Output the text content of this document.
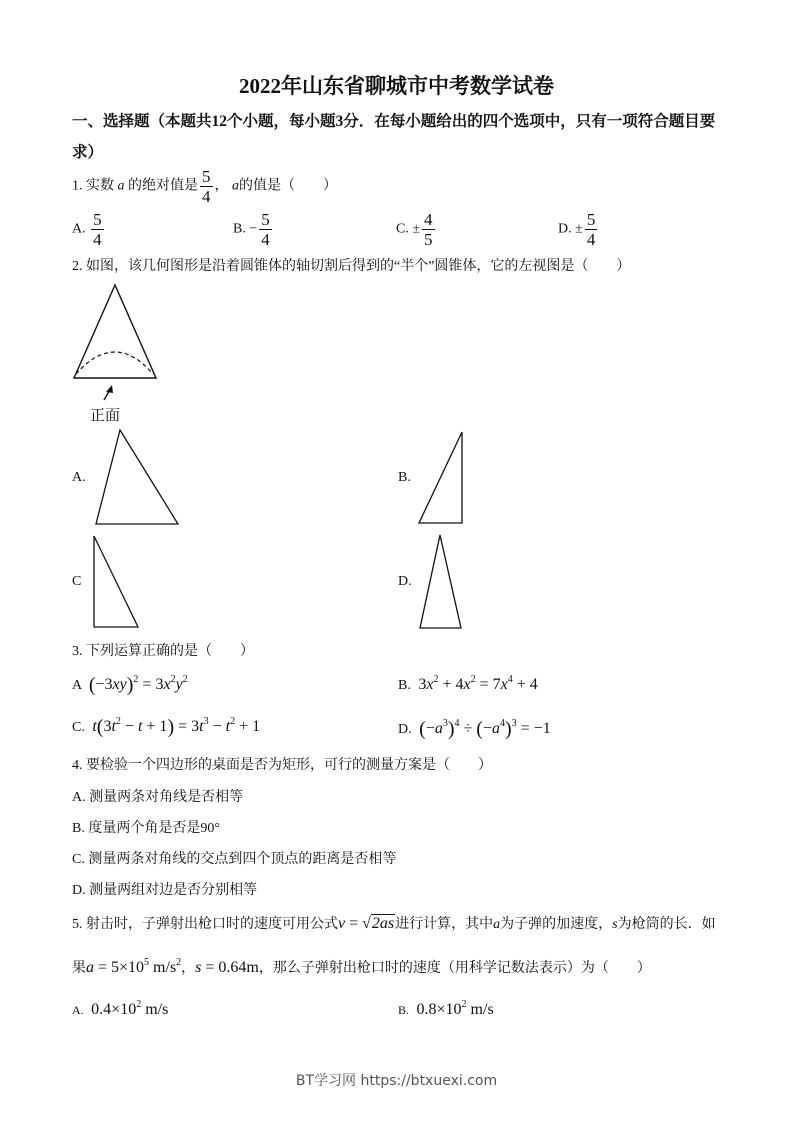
2022年山东省聊城市中考数学试卷
一、选择题（本题共12个小题，每小题3分．在每小题给出的四个选项中，只有一项符合题目要求）
1. 实数 a 的绝对值是 $\frac{5}{4}$ ， a的值是（　　）
A. $\frac{5}{4}$	B. − $\frac{5}{4}$	C. ± $\frac{4}{5}$	D. ± $\frac{5}{4}$
2. 如图，该几何图形是沿着圆锥体的轴切割后得到的“半个”圆锥体，它的左视图是（　　）
正面
A.	B.
C	D.
3. 下列运算正确的是（　　）
A $(-3xy)^2 = 3x^2y^2$	B.  $3x^2 + 4x^2 = 7x^4 + 4$
C. $t(3t^2 - t + 1) = 3t^3 - t^2 + 1$	D. $(-a^3)^4 \div (-a^4)^3 = -1$
4. 要检验一个四边形的桌面是否为矩形，可行的测量方案是（　　）
A. 测量两条对角线是否相等
B. 度量两个角是否是90°
C. 测量两条对角线的交点到四个顶点的距离是否相等
D. 测量两组对边是否分别相等
5. 射击时，子弹射出枪口时的速度可用公式v = √2as进行计算，其中a为子弹的加速度，s为枪筒的长．如
果$a = 5\times 10^5$ $m/s^2$，s = 0.64m，那么子弹射出枪口时的速度（用科学记数法表示）为（　　）
A.  $0.4\times 10^2$ m/s	B.  $0.8\times 10^2$ m/s
BT学习网 https://btxuexi.com
